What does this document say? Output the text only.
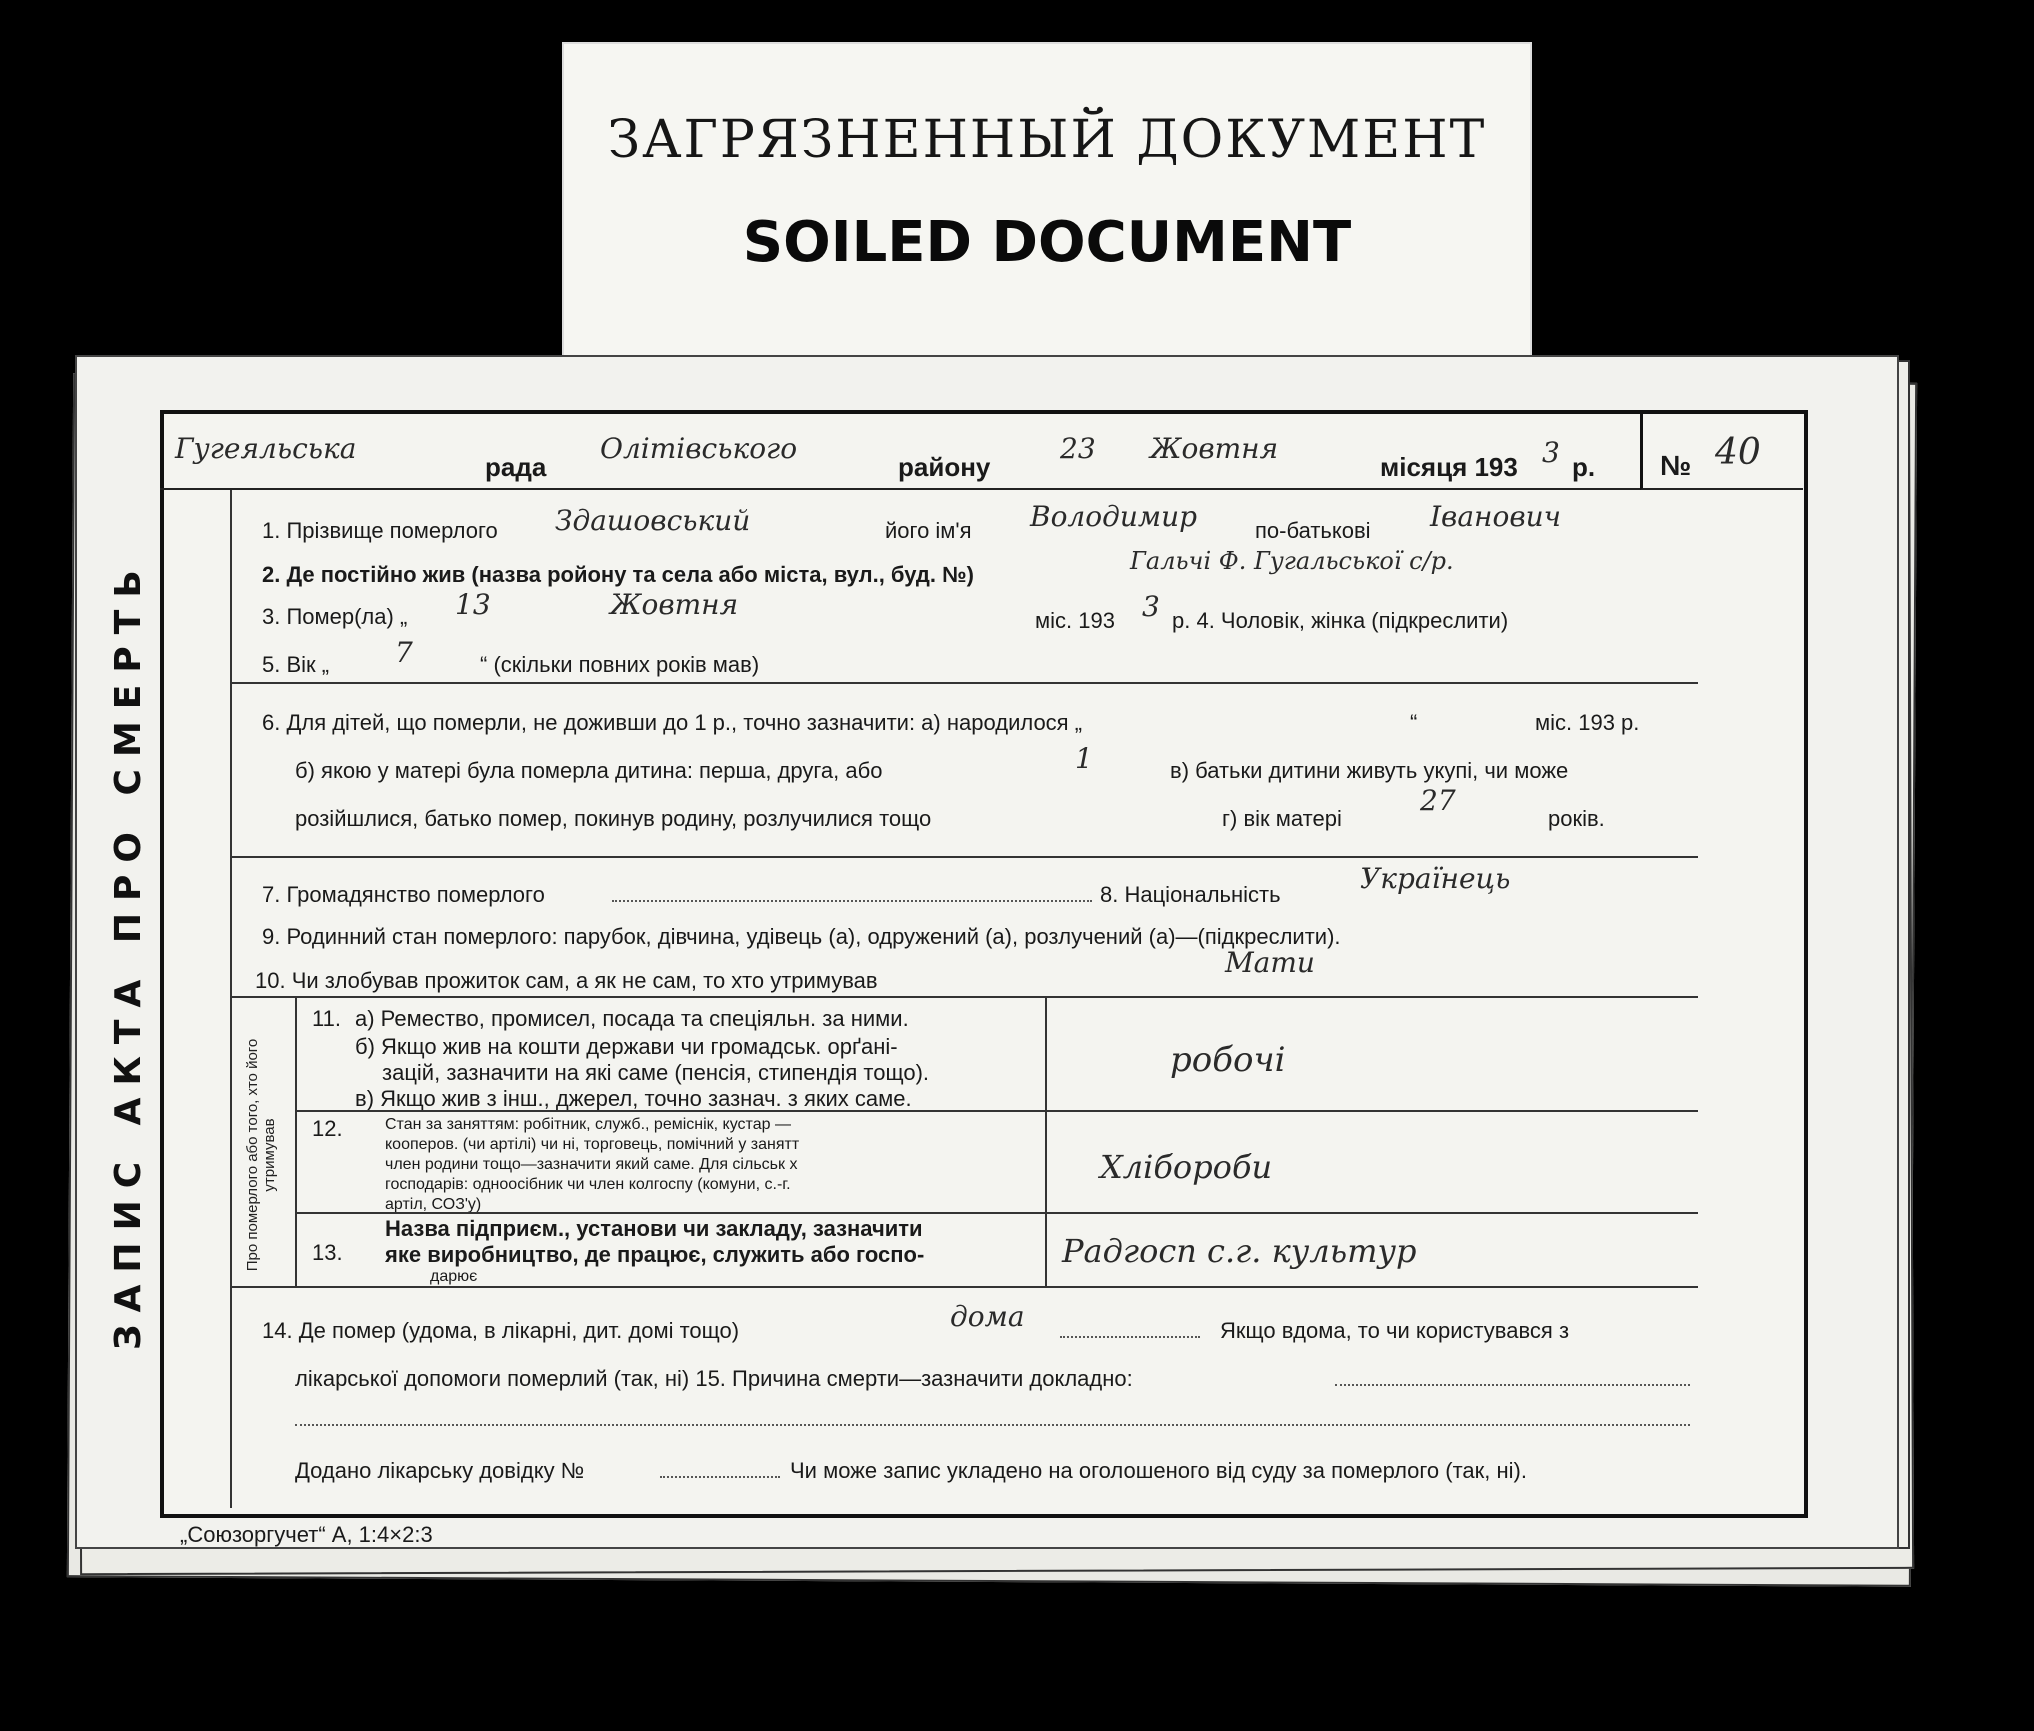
ЗАГРЯЗНЕННЫЙ ДОКУМЕНТ
SOILED DOCUMENT
ЗАПИС АКТА ПРО СМЕРТЬ
Гугеяльська
рада
Олітівського
району
23 Жовтня
місяця 193 3 р. № 40
1. Прізвище померлого Здашовський	його ім'я Володимир	по-батькові Іванович
2. Де постійно жив (назва ройону та села або міста, вул., буд. №)	Гальчі Ф. Гугальської с/р.
3. Помер(ла) „ 13	Жовтня	міс. 193 3 р. 4. Чоловік, жінка (підкреслити)
5. Вік „ 7	“ (скільки повних років мав)
6. Для дітей, що померли, не доживши до 1 р., точно зазначити: а) народилося „	“	міс. 193 р.
б) якою у матері була померла дитина: перша, друга, або	1	в) батьки дитини живуть укупі, чи може
розійшлися, батько помер, покинув родину, розлучилися тощо	г) вік матері
27
років.
7. Громадянство померлого	8. Національність	Українець
9. Родинний стан померлого: парубок, дівчина, удівець (а), одружений (а), розлучений (а)—(підкреслити).
10. Чи злобував прожиток сам, а як не сам, то хто утримував
Мати
Про померлого або того, хто його утримував
11. а) Ремество, промисел, посада та спеціяльн. за ними.
б) Якщо жив на кошти держави чи громадськ. орґані-
зацій, зазначити на які саме (пенсія, стипендія тощо).
в) Якщо жив з інш., джерел, точно зазнач. з яких саме.
робочі
12.	Стан за заняттям: робітник, служб., реміснік, кустар —
кооперов. (чи артілі) чи ні, торговець, помічний у занятт
член родини тощо—зазначити який саме. Для сільськ х
господарів: одноосібник чи член колгоспу (комуни, с.-г.
артіл, СОЗ'у)
Хлібороби
13.
Назва підприєм., установи чи закладу, зазначити
яке виробництво, де працює, служить або госпо-
дарює
Радгосп с.г. культур
14. Де помер (удома, в лікарні, дит. домі тощо)	дома	Якщо вдома, то чи користувався з
лікарської допомоги померлий (так, ні) 15. Причина смерти—зазначити докладно:
Додано лікарську довідку №	Чи може запис укладено на оголошеного від суду за померлого (так, ні).
„Союзоргучет“ А, 1:4×2:3
